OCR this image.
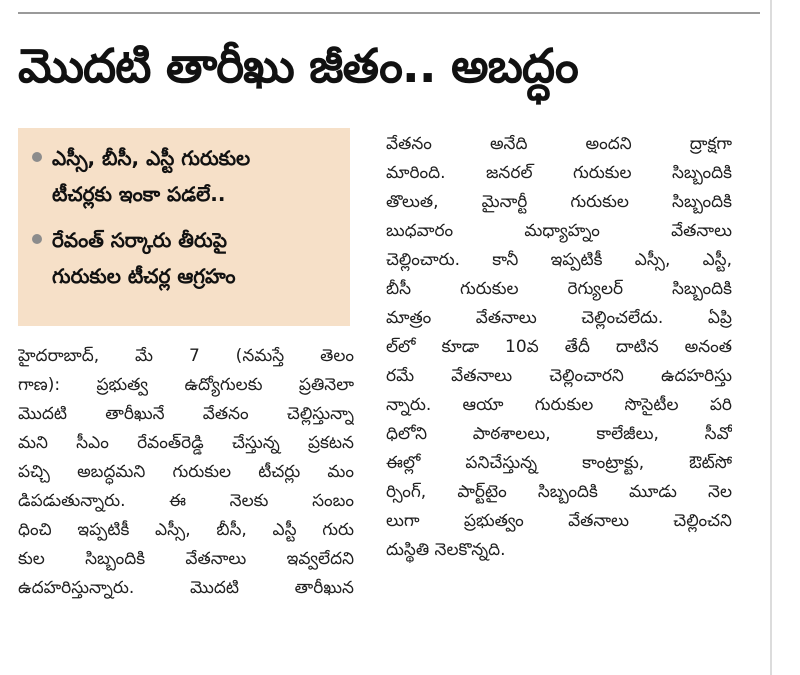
మొదటి తారీఖు జీతం.. అబద్ధం
ఎస్సీ, బీసీ, ఎస్టీ గురుకుల
టీచర్లకు ఇంకా పడలే..
రేవంత్ సర్కారు తీరుపై
గురుకుల టీచర్ల ఆగ్రహం
హైదరాబాద్, మే 7 (నమస్తే తెలం
గాణ): ప్రభుత్వ ఉద్యోగులకు ప్రతినెలా
మొదటి తారీఖునే వేతనం చెల్లిస్తున్నా
మని సీఎం రేవంత్‌రెడ్డి చేస్తున్న ప్రకటన
పచ్చి అబద్ధమని గురుకుల టీచర్లు మం
డిపడుతున్నారు. ఈ నెలకు సంబం
ధించి ఇప్పటికీ ఎస్సీ, బీసీ, ఎస్టీ గురు
కుల సిబ్బందికి వేతనాలు ఇవ్వలేదని
ఉదహరిస్తున్నారు. మొదటి తారీఖున
వేతనం అనేది అందని ద్రాక్షగా
మారింది. జనరల్ గురుకుల సిబ్బందికి
తొలుత, మైనార్టీ గురుకుల సిబ్బందికి
బుధవారం మధ్యాహ్నం వేతనాలు
చెల్లించారు. కానీ ఇప్పటికీ ఎస్సీ, ఎస్టీ,
బీసీ గురుకుల రెగ్యులర్ సిబ్బందికి
మాత్రం వేతనాలు చెల్లించలేదు. ఏప్రి
ల్‌లో కూడా 10వ తేదీ దాటిన అనంత
రమే వేతనాలు చెల్లించారని ఉదహరిస్తు
న్నారు. ఆయా గురుకుల సొసైటీల పరి
ధిలోని పాఠశాలలు, కాలేజీలు, సీవో
ఈల్లో పనిచేస్తున్న కాంట్రాక్టు, ఔట్‌సో
ర్సింగ్, పార్ట్‌టైం సిబ్బందికి మూడు నెల
లుగా ప్రభుత్వం వేతనాలు చెల్లించని
దుస్థితి నెలకొన్నది.
